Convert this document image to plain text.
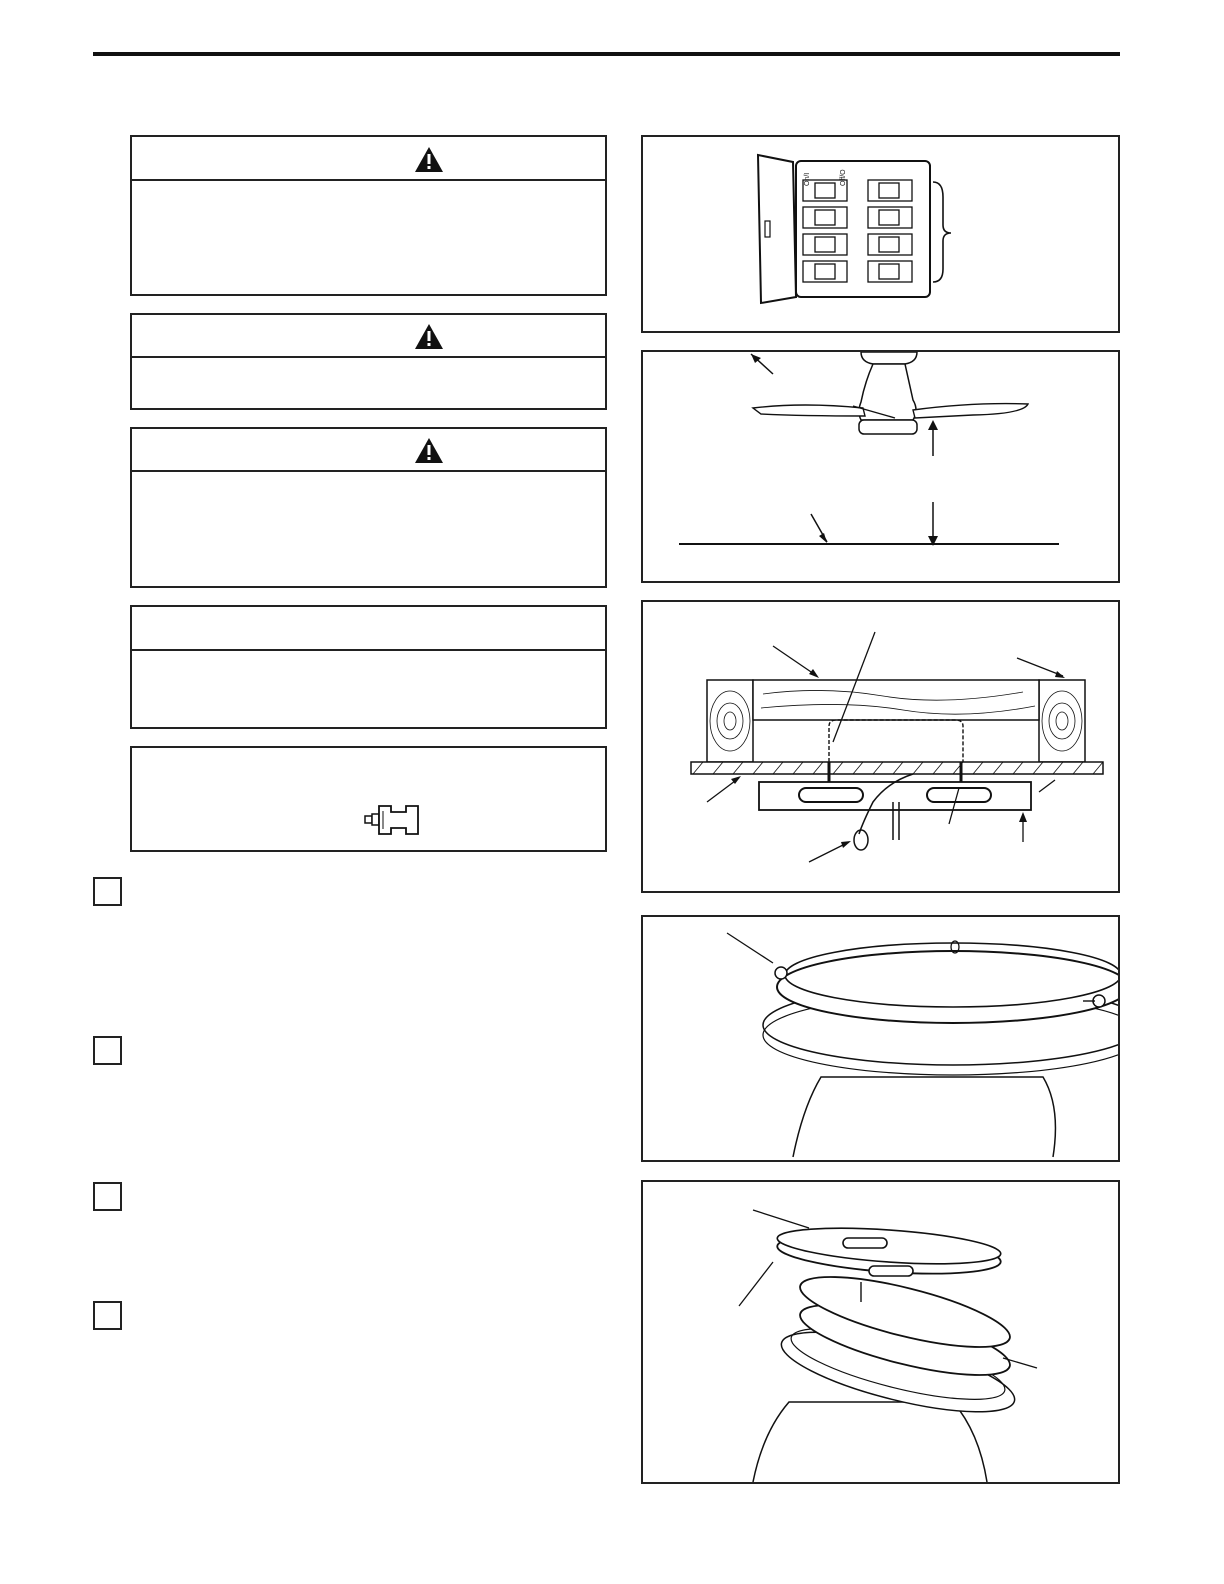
On/I	Off/O
